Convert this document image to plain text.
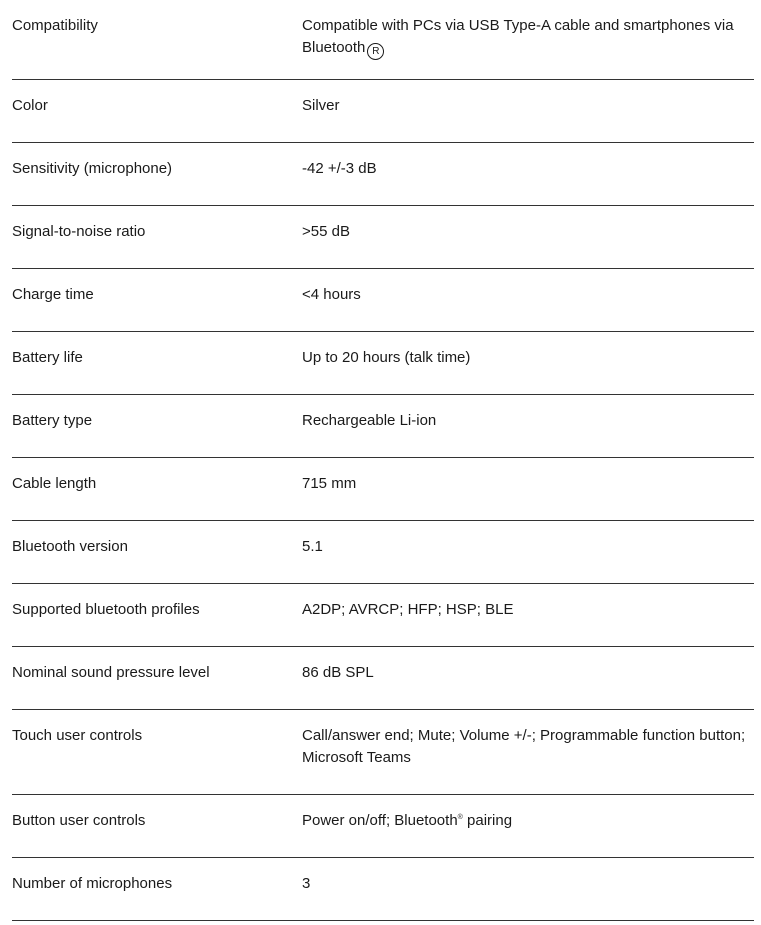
Compatibility	Compatible with PCs via USB Type-A cable and smartphones via Bluetooth R
Color	Silver
Sensitivity (microphone)	-42 +/-3 dB
Signal-to-noise ratio	>55 dB
Charge time	<4 hours
Battery life	Up to 20 hours (talk time)
Battery type	Rechargeable Li-ion
Cable length	715 mm
Bluetooth version	5.1
Supported bluetooth profiles	A2DP; AVRCP; HFP; HSP; BLE
Nominal sound pressure level	86 dB SPL
Touch user controls	Call/answer end; Mute; Volume +/-; Programmable function button; Microsoft Teams
Button user controls	Power on/off; Bluetooth® pairing
Number of microphones	3
